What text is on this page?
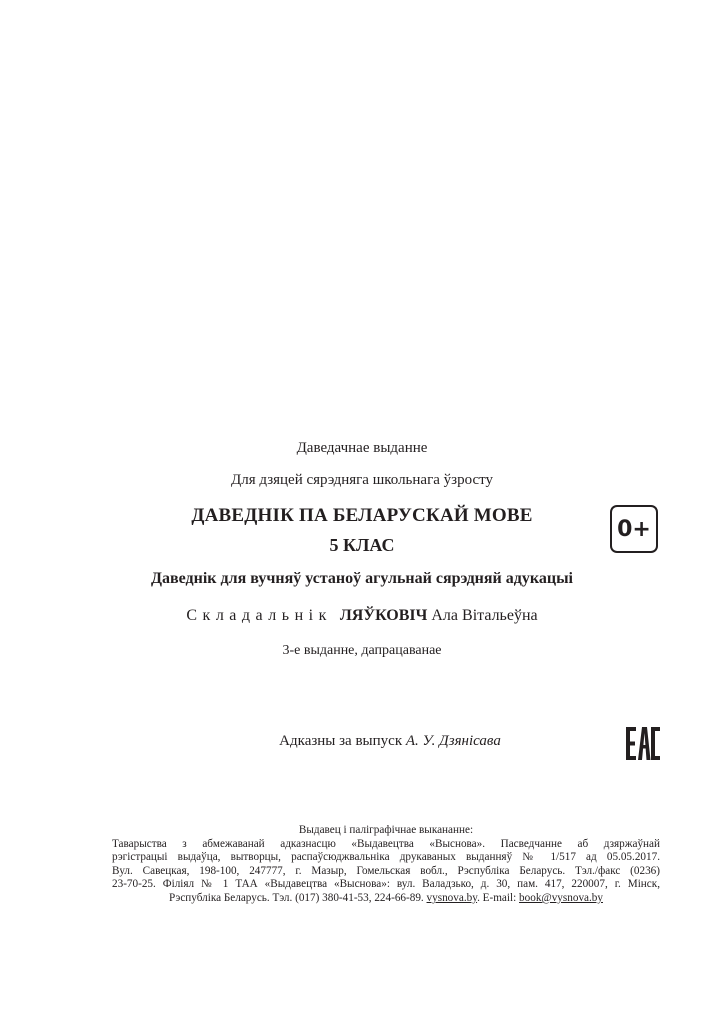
Даведачнае выданне
Для дзяцей сярэдняга школьнага ўзросту
ДАВЕДНІК ПА БЕЛАРУСКАЙ МОВЕ
5 КЛАС
Даведнік для вучняў устаноў агульнай сярэдняй адукацыі
Складальнік ЛЯЎКОВІЧ Ала Вітальеўна
3-е выданне, дапрацаванае
Адказны за выпуск А. У. Дзянісава
0+
Выдавец і паліграфічнае выкананне:
Таварыства з абмежаванай адказнасцю «Выдавецтва «Выснова». Пасведчанне аб дзяржаўнай
рэгістрацыі выдаўца, вытворцы, распаўсюджвальніка друкаваных выданняў № 1/517 ад 05.05.2017.
Вул. Савецкая, 198-100, 247777, г. Мазыр, Гомельская вобл., Рэспубліка Беларусь. Тэл./факс (0236)
23-70-25. Філіял № 1 ТАА «Выдавецтва «Выснова»: вул. Валадзько, д. 30, пам. 417, 220007, г. Мінск,
Рэспубліка Беларусь. Тэл. (017) 380-41-53, 224-66-89. vysnova.by. E-mail: book@vysnova.by
